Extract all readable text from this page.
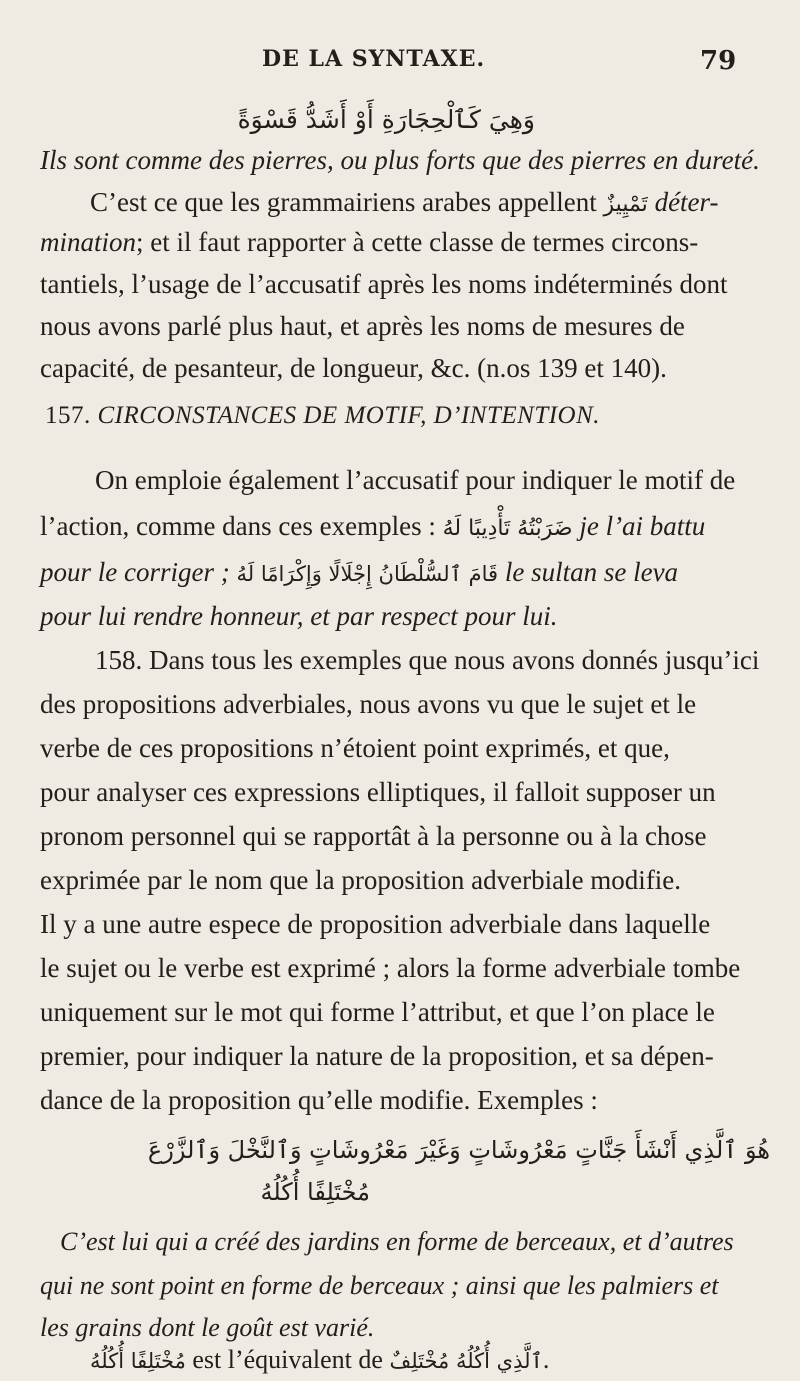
DE LA SYNTAXE.	79
وَهِيَ كَٱلْحِجَارَةِ أَوْ أَشَدُّ قَسْوَةً
Ils sont comme des pierres, ou plus forts que des pierres en dureté.
C’est ce que les grammairiens arabes appellent تَمْيِيزٌ déter-
mination; et il faut rapporter à cette classe de termes circons-
tantiels, l’usage de l’accusatif après les noms indéterminés dont
nous avons parlé plus haut, et après les noms de mesures de
capacité, de pesanteur, de longueur, &c. (n.os 139 et 140).
157. CIRCONSTANCES DE MOTIF, D’INTENTION.
On emploie également l’accusatif pour indiquer le motif de
l’action, comme dans ces exemples : ضَرَبْتُهُ تَأْدِيبًا لَهُ je l’ai battu
pour le corriger ; قَامَ ٱلسُّلْطَانُ إِجْلَالًا وَإِكْرَامًا لَهُ le sultan se leva
pour lui rendre honneur, et par respect pour lui.
158. Dans tous les exemples que nous avons donnés jusqu’ici
des propositions adverbiales, nous avons vu que le sujet et le
verbe de ces propositions n’étoient point exprimés, et que,
pour analyser ces expressions elliptiques, il falloit supposer un
pronom personnel qui se rapportât à la personne ou à la chose
exprimée par le nom que la proposition adverbiale modifie.
Il y a une autre espece de proposition adverbiale dans laquelle
le sujet ou le verbe est exprimé ; alors la forme adverbiale tombe
uniquement sur le mot qui forme l’attribut, et que l’on place le
premier, pour indiquer la nature de la proposition, et sa dépen-
dance de la proposition qu’elle modifie. Exemples :
هُوَ ٱلَّذِي أَنْشَأَ جَنَّاتٍ مَعْرُوشَاتٍ وَغَيْرَ مَعْرُوشَاتٍ وَٱلنَّخْلَ وَٱلزَّرْعَ
مُخْتَلِفًا أُكُلُهُ
C’est lui qui a créé des jardins en forme de berceaux, et d’autres
qui ne sont point en forme de berceaux ; ainsi que les palmiers et
les grains dont le goût est varié.
مُخْتَلِفًا أُكُلُهُ est l’équivalent de ٱلَّذِي أُكُلُهُ مُخْتَلِفٌ.
